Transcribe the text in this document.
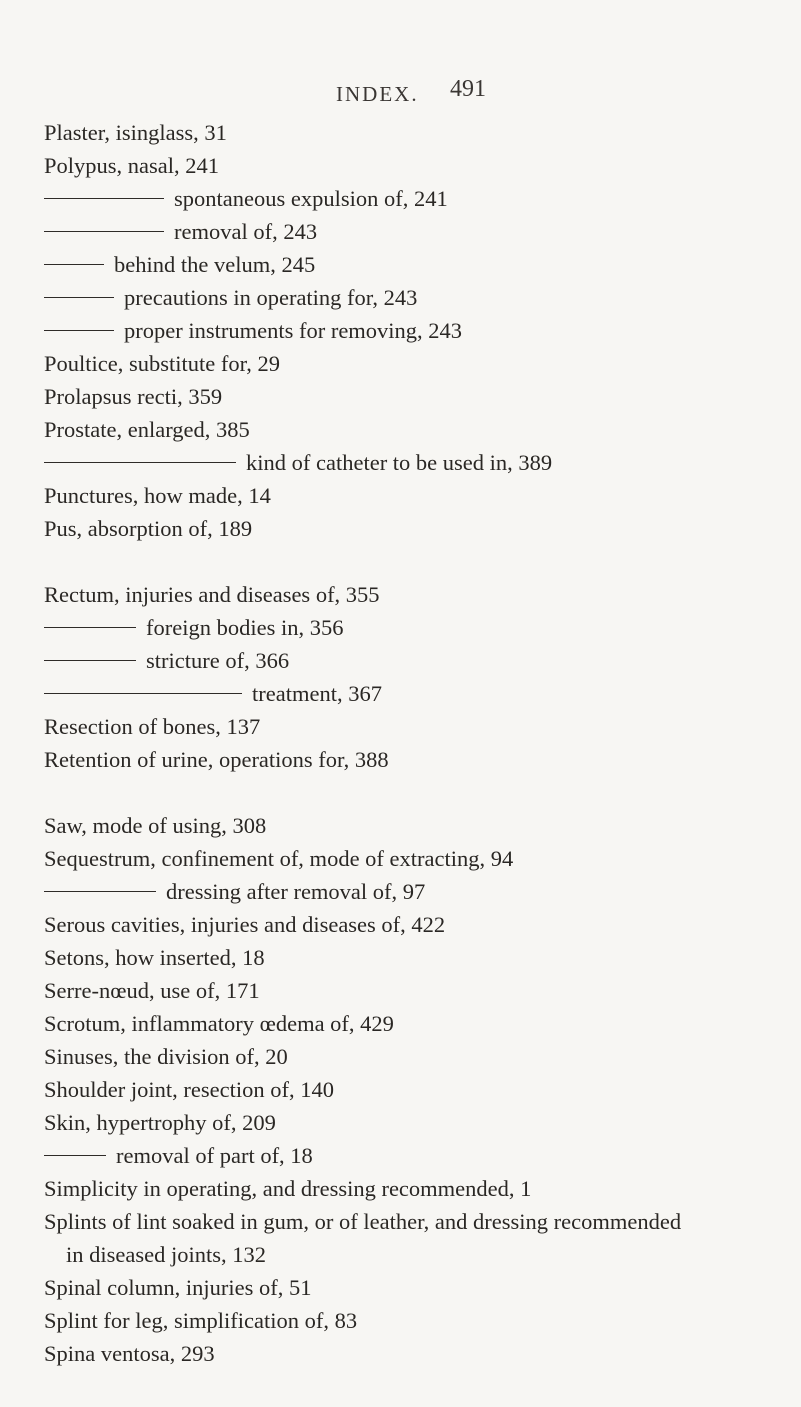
INDEX. 491
Plaster, isinglass, 31
Polypus, nasal, 241
spontaneous expulsion of, 241
removal of, 243
behind the velum, 245
precautions in operating for, 243
proper instruments for removing, 243
Poultice, substitute for, 29
Prolapsus recti, 359
Prostate, enlarged, 385
kind of catheter to be used in, 389
Punctures, how made, 14
Pus, absorption of, 189
Rectum, injuries and diseases of, 355
foreign bodies in, 356
stricture of, 366
treatment, 367
Resection of bones, 137
Retention of urine, operations for, 388
Saw, mode of using, 308
Sequestrum, confinement of, mode of extracting, 94
dressing after removal of, 97
Serous cavities, injuries and diseases of, 422
Setons, how inserted, 18
Serre-nœud, use of, 171
Scrotum, inflammatory œdema of, 429
Sinuses, the division of, 20
Shoulder joint, resection of, 140
Skin, hypertrophy of, 209
removal of part of, 18
Simplicity in operating, and dressing recommended, 1
Splints of lint soaked in gum, or of leather, and dressing recommended
in diseased joints, 132
Spinal column, injuries of, 51
Splint for leg, simplification of, 83
Spina ventosa, 293
